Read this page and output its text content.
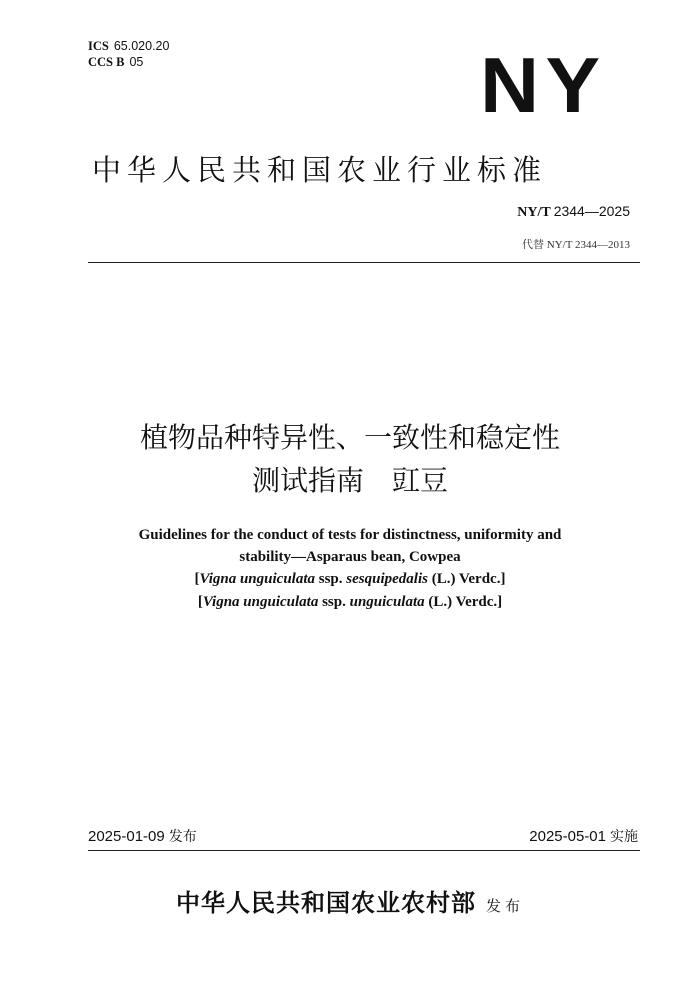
ICS 65.020.20
CCS B 05	NY
中华人民共和国农业行业标准
NY/T 2344—2025
代替 NY/T 2344—2013
植物品种特异性、一致性和稳定性
测试指南　豇豆
Guidelines for the conduct of tests for distinctness, uniformity and
stability—Asparaus bean, Cowpea
[Vigna unguiculata ssp. sesquipedalis (L.) Verdc.]
[Vigna unguiculata ssp. unguiculata (L.) Verdc.]
2025-01-09 发布	2025-05-01 实施
中华人民共和国农业农村部 发布
